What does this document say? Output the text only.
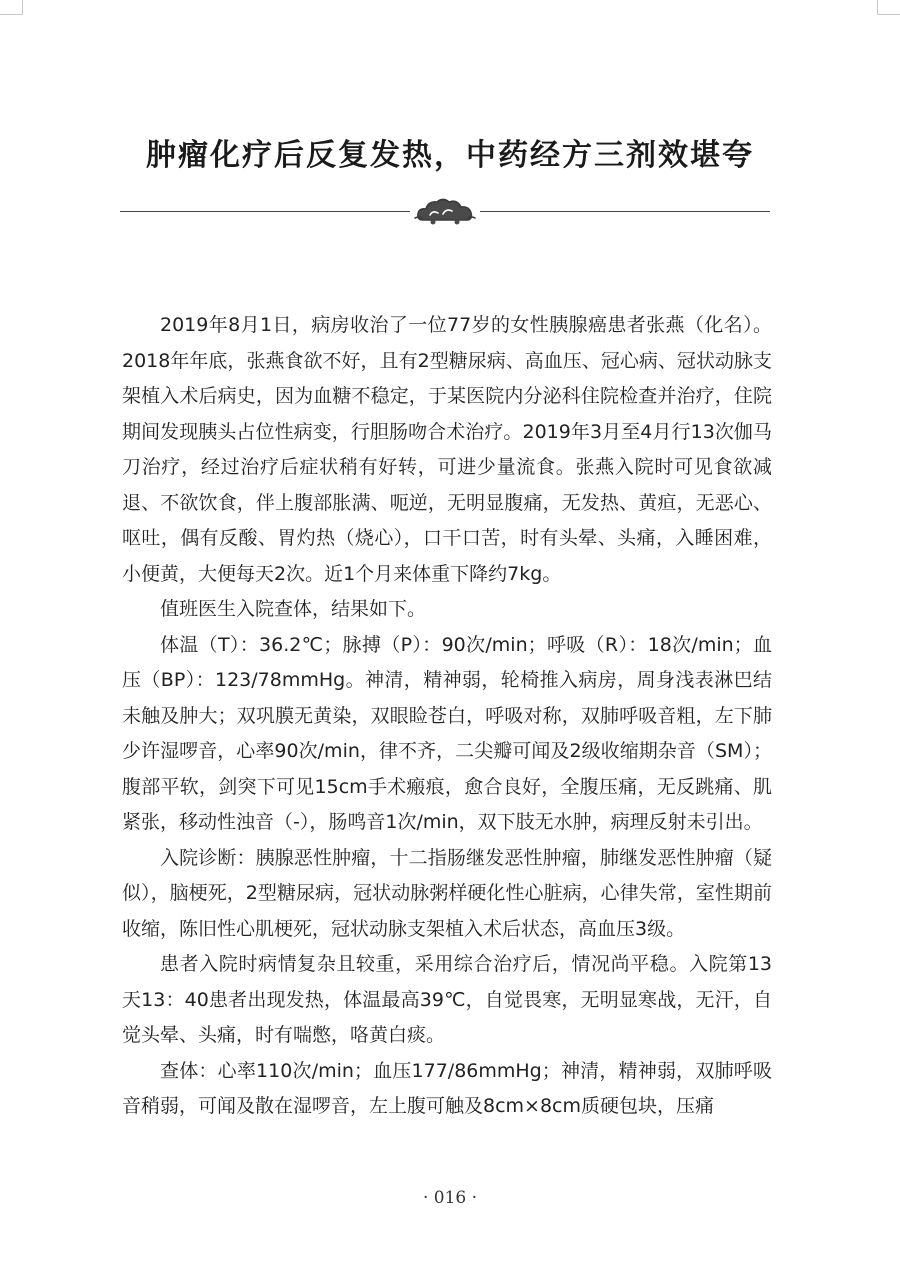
肿瘤化疗后反复发热，中药经方三剂效堪夸

2019年8月1日，病房收治了一位77岁的女性胰腺癌患者张燕（化名）。2018年年底，张燕食欲不好，且有2型糖尿病、高血压、冠心病、冠状动脉支架植入术后病史，因为血糖不稳定，于某医院内分泌科住院检查并治疗，住院期间发现胰头占位性病变，行胆肠吻合术治疗。2019年3月至4月行13次伽马刀治疗，经过治疗后症状稍有好转，可进少量流食。张燕入院时可见食欲减退、不欲饮食，伴上腹部胀满、呃逆，无明显腹痛，无发热、黄疸，无恶心、呕吐，偶有反酸、胃灼热（烧心），口干口苦，时有头晕、头痛，入睡困难，小便黄，大便每天2次。近1个月来体重下降约7kg。

值班医生入院查体，结果如下。

体温（T）：36.2℃；脉搏（P）：90次/min；呼吸（R）：18次/min；血压（BP）：123/78mmHg。神清，精神弱，轮椅推入病房，周身浅表淋巴结未触及肿大；双巩膜无黄染，双眼睑苍白，呼吸对称，双肺呼吸音粗，左下肺少许湿啰音，心率90次/min，律不齐，二尖瓣可闻及2级收缩期杂音（SM）；腹部平软，剑突下可见15cm手术瘢痕，愈合良好，全腹压痛，无反跳痛、肌紧张，移动性浊音（-），肠鸣音1次/min，双下肢无水肿，病理反射未引出。

入院诊断：胰腺恶性肿瘤，十二指肠继发恶性肿瘤，肺继发恶性肿瘤（疑似），脑梗死，2型糖尿病，冠状动脉粥样硬化性心脏病，心律失常，室性期前收缩，陈旧性心肌梗死，冠状动脉支架植入术后状态，高血压3级。

患者入院时病情复杂且较重，采用综合治疗后，情况尚平稳。入院第13天13：40患者出现发热，体温最高39℃，自觉畏寒，无明显寒战，无汗，自觉头晕、头痛，时有喘憋，咯黄白痰。

查体：心率110次/min；血压177/86mmHg；神清，精神弱，双肺呼吸音稍弱，可闻及散在湿啰音，左上腹可触及8cm×8cm质硬包块，压痛

· 016 ·
